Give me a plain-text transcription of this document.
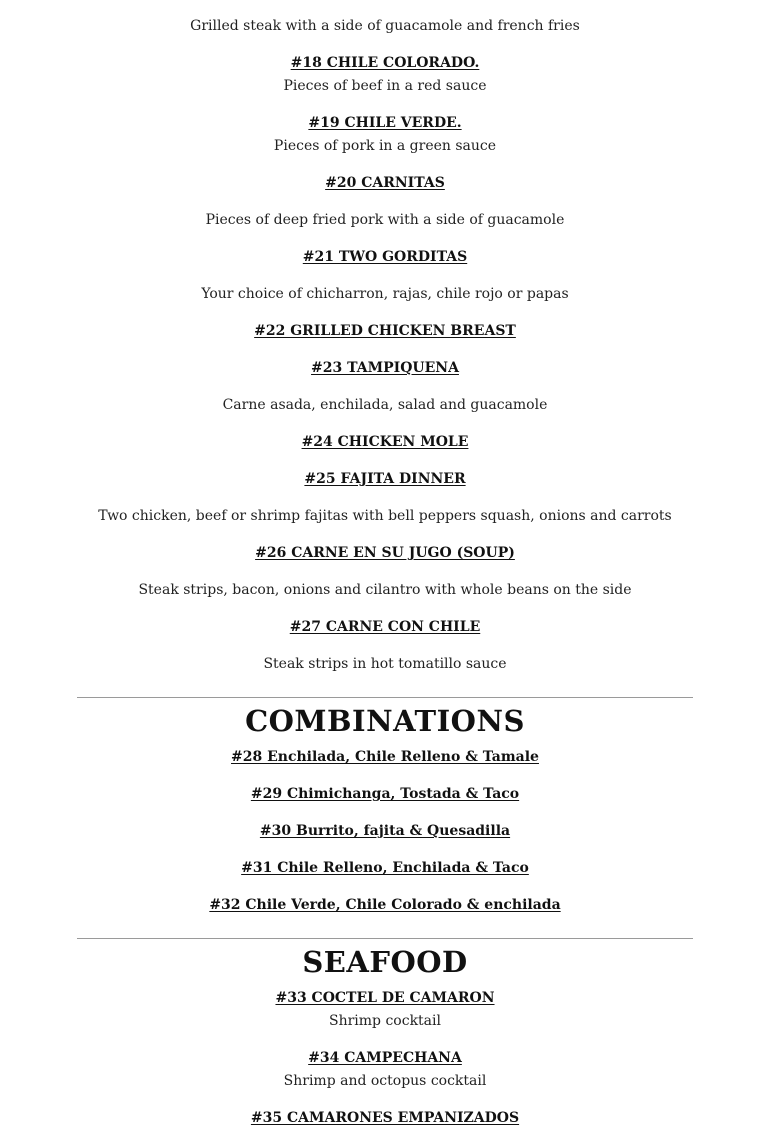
Grilled steak with a side of guacamole and french fries
#18 CHILE COLORADO.
Pieces of beef in a red sauce
#19 CHILE VERDE.
Pieces of pork in a green sauce
#20 CARNITAS
Pieces of deep fried pork with a side of guacamole
#21 TWO GORDITAS
Your choice of chicharron, rajas, chile rojo or papas
#22 GRILLED CHICKEN BREAST
#23 TAMPIQUENA
Carne asada, enchilada, salad and guacamole
#24 CHICKEN MOLE
#25 FAJITA DINNER
Two chicken, beef or shrimp fajitas with bell peppers squash, onions and carrots
#26 CARNE EN SU JUGO (SOUP)
Steak strips, bacon, onions and cilantro with whole beans on the side
#27 CARNE CON CHILE
Steak strips in hot tomatillo sauce
COMBINATIONS
#28 Enchilada, Chile Relleno & Tamale
#29 Chimichanga, Tostada & Taco
#30 Burrito, fajita & Quesadilla
#31 Chile Relleno, Enchilada & Taco
#32 Chile Verde, Chile Colorado & enchilada
SEAFOOD
#33 COCTEL DE CAMARON
Shrimp cocktail
#34 CAMPECHANA
Shrimp and octopus cocktail
#35 CAMARONES EMPANIZADOS
